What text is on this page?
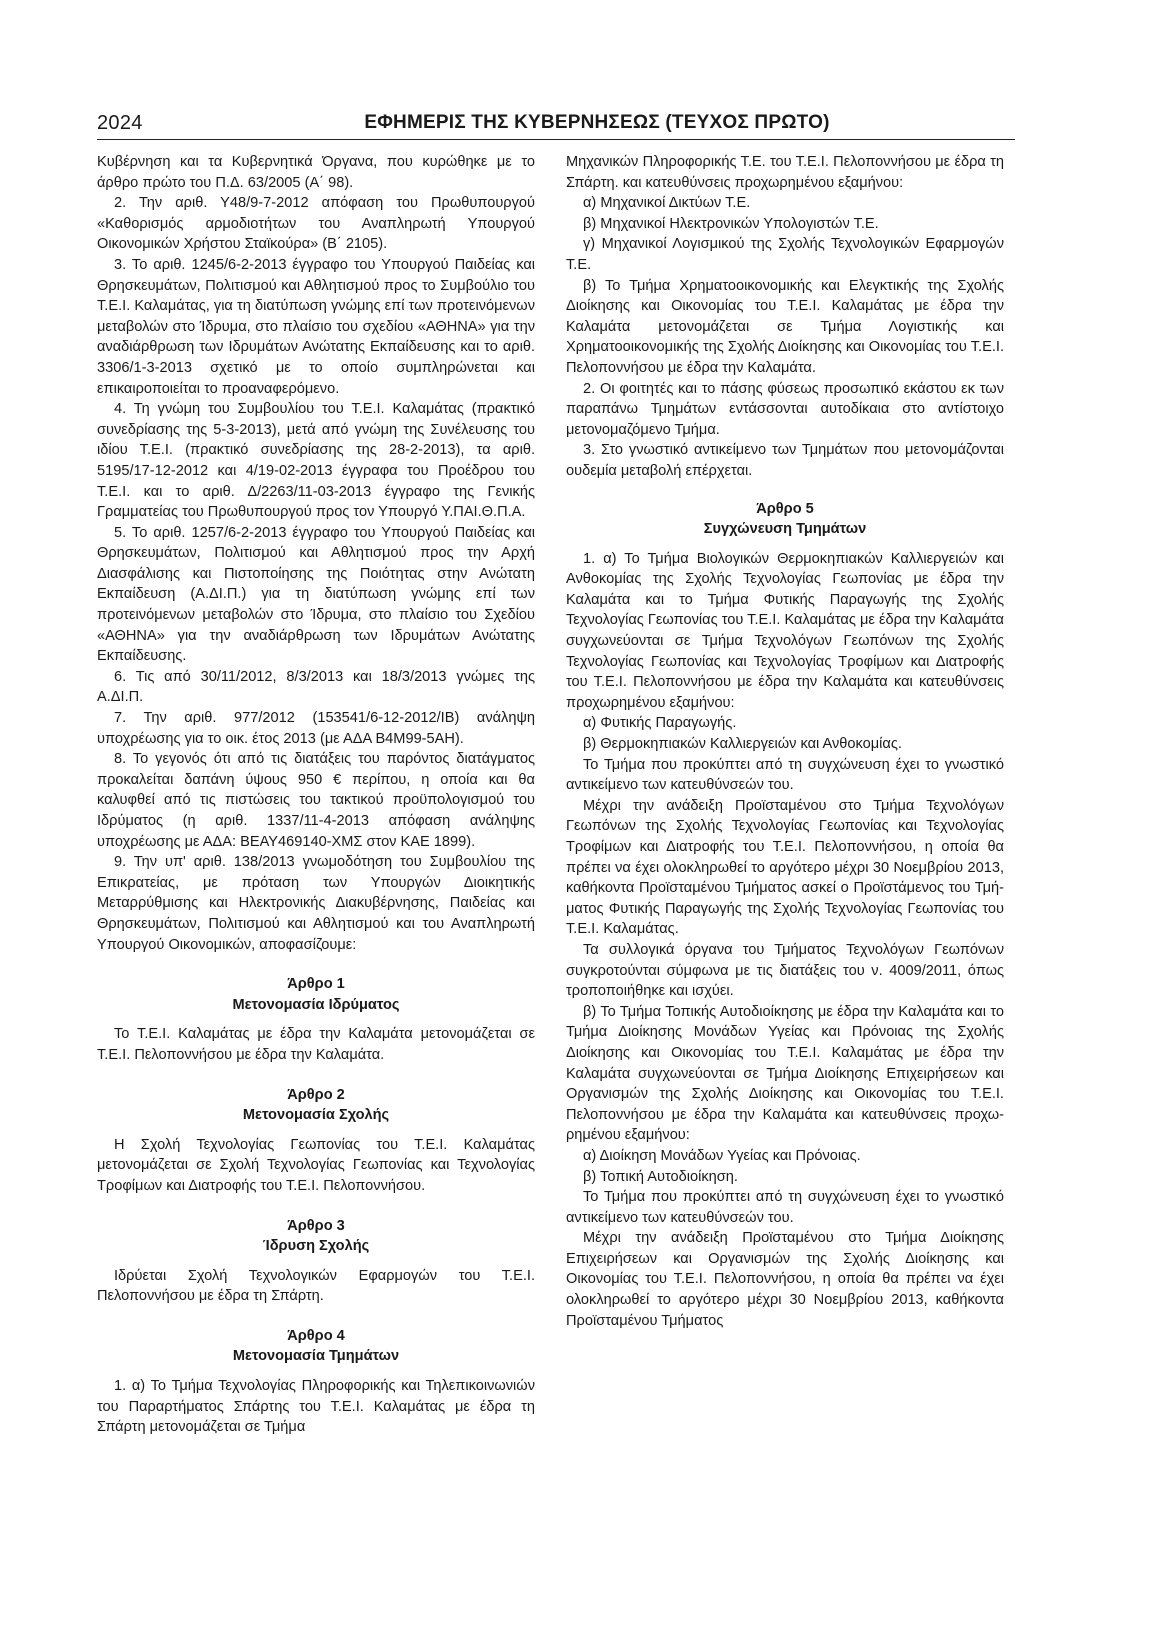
2024	ΕΦΗΜΕΡΙΣ ΤΗΣ ΚΥΒΕΡΝΗΣΕΩΣ (ΤΕΥΧΟΣ ΠΡΩΤΟ)

Κυβέρνηση και τα Κυβερνητικά Όργανα, που κυρώθηκε με το άρθρο πρώτο του Π.Δ. 63/2005 (Α΄ 98).

2. Την αριθ. Υ48/9-7-2012 απόφαση του Πρωθυπουργού «Καθορισμός αρμοδιοτήτων του Αναπληρωτή Υπουργού Οικονομικών Χρήστου Σταϊκούρα» (Β΄ 2105).

3. Το αριθ. 1245/6-2-2013 έγγραφο του Υπουργού Παιδείας και Θρησκευμάτων, Πολιτισμού και Αθλητισμού προς το Συμβούλιο του Τ.Ε.Ι. Καλαμάτας, για τη διατύπωση γνώμης επί των προτεινόμενων μεταβολών στο Ίδρυμα, στο πλαίσιο του σχεδίου «ΑΘΗΝΑ» για την αναδιάρθρωση των Ιδρυμάτων Ανώτατης Εκπαίδευσης και το αριθ. 3306/1-3-2013 σχετικό με το οποίο συμπληρώνεται και επικαιροποιείται το προαναφερόμενο.

4. Τη γνώμη του Συμβουλίου του Τ.Ε.Ι. Καλαμάτας (πρακτικό συνεδρίασης της 5-3-2013), μετά από γνώμη της Συνέλευσης του ιδίου Τ.Ε.Ι. (πρακτικό συνεδρίασης της 28-2-2013), τα αριθ. 5195/17-12-2012 και 4/19-02-2013 έγγραφα του Προέδρου του Τ.Ε.Ι. και το αριθ. Δ/2263/11-03-2013 έγγραφο της Γενικής Γραμματείας του Πρωθυπουργού προς τον Υπουργό Υ.ΠΑΙ.Θ.Π.Α.

5. Το αριθ. 1257/6-2-2013 έγγραφο του Υπουργού Παιδείας και Θρησκευμάτων, Πολιτισμού και Αθλητισμού προς την Αρχή Διασφάλισης και Πιστοποίησης της Ποιότητας στην Ανώτατη Εκπαίδευση (Α.ΔΙ.Π.) για τη διατύπωση γνώμης επί των προτεινόμενων μεταβολών στο Ίδρυμα, στο πλαίσιο του Σχεδίου «ΑΘΗΝΑ» για την αναδιάρθρωση των Ιδρυμάτων Ανώτατης Εκπαίδευσης.

6. Τις από 30/11/2012, 8/3/2013 και 18/3/2013 γνώμες της Α.ΔΙ.Π.

7. Την αριθ. 977/2012 (153541/6-12-2012/ΙΒ) ανάληψη υποχρέωσης για το οικ. έτος 2013 (με ΑΔΑ Β4Μ99-5ΑΗ).

8. Το γεγονός ότι από τις διατάξεις του παρόντος διατάγματος προκαλείται δαπάνη ύψους 950 € περίπου, η οποία και θα καλυφθεί από τις πιστώσεις του τακτικού προϋπολογισμού του Ιδρύματος (η αριθ. 1337/11-4-2013 απόφαση ανάληψης υποχρέωσης με ΑΔΑ: ΒΕΑΥ469140-ΧΜΣ στον ΚΑΕ 1899).

9. Την υπ' αριθ. 138/2013 γνωμοδότηση του Συμβουλίου της Επικρατείας, με πρόταση των Υπουργών Διοικητικής Μεταρρύθμισης και Ηλεκτρονικής Διακυβέρνησης, Παιδείας και Θρησκευμάτων, Πολιτισμού και Αθλητισμού και του Αναπληρωτή Υπουργού Οικονομικών, αποφασίζουμε:

Άρθρο 1

Μετονομασία Ιδρύματος

Το Τ.Ε.Ι. Καλαμάτας με έδρα την Καλαμάτα μετονομάζεται σε Τ.Ε.Ι. Πελοποννήσου με έδρα την Καλαμάτα.

Άρθρο 2

Μετονομασία Σχολής

Η Σχολή Τεχνολογίας Γεωπονίας του Τ.Ε.Ι. Καλαμάτας μετονομάζεται σε Σχολή Τεχνολογίας Γεωπονίας και Τεχνολογίας Τροφίμων και Διατροφής του Τ.Ε.Ι. Πελοποννήσου.

Άρθρο 3

Ίδρυση Σχολής

Ιδρύεται Σχολή Τεχνολογικών Εφαρμογών του Τ.Ε.Ι. Πελοποννήσου με έδρα τη Σπάρτη.

Άρθρο 4

Μετονομασία Τμημάτων

1. α) Το Τμήμα Τεχνολογίας Πληροφορικής και Τηλεπικοινωνιών του Παραρτήματος Σπάρτης του Τ.Ε.Ι. Καλαμάτας με έδρα τη Σπάρτη μετονομάζεται σε Τμήμα

Μηχανικών Πληροφορικής Τ.Ε. του Τ.Ε.Ι. Πελοποννήσου με έδρα τη Σπάρτη. και κατευθύνσεις προχωρημένου εξαμήνου:

α) Μηχανικοί Δικτύων Τ.Ε.

β) Μηχανικοί Ηλεκτρονικών Υπολογιστών Τ.Ε.

γ) Μηχανικοί Λογισμικού της Σχολής Τεχνολογικών Εφαρμογών Τ.Ε.

β) Το Τμήμα Χρηματοοικονομικής και Ελεγκτικής της Σχολής Διοίκησης και Οικονομίας του Τ.Ε.Ι. Καλαμάτας με έδρα την Καλαμάτα μετονομάζεται σε Τμήμα Λογιστικής και Χρηματοοικονομικής της Σχολής Διοίκησης και Οικονομίας του Τ.Ε.Ι. Πελοποννήσου με έδρα την Καλαμάτα.

2. Οι φοιτητές και το πάσης φύσεως προσωπικό εκάστου εκ των παραπάνω Τμημάτων εντάσσονται αυτοδίκαια στο αντίστοιχο μετονομαζόμενο Τμήμα.

3. Στο γνωστικό αντικείμενο των Τμημάτων που μετονομάζονται ουδεμία μεταβολή επέρχεται.

Άρθρο 5

Συγχώνευση Τμημάτων

1. α) Το Τμήμα Βιολογικών Θερμοκηπιακών Καλλιεργειών και Ανθοκομίας της Σχολής Τεχνολογίας Γεωπονίας με έδρα την Καλαμάτα και το Τμήμα Φυτικής Παραγωγής της Σχολής Τεχνολογίας Γεωπονίας του Τ.Ε.Ι. Καλαμάτας με έδρα την Καλαμάτα συγχωνεύονται σε Τμήμα Τεχνολόγων Γεωπόνων της Σχολής Τεχνολογίας Γεωπονίας και Τεχνολογίας Τροφίμων και Διατροφής του Τ.Ε.Ι. Πελοποννήσου με έδρα την Καλαμάτα και κατευθύνσεις προχωρημένου εξαμήνου:

α) Φυτικής Παραγωγής.

β) Θερμοκηπιακών Καλλιεργειών και Ανθοκομίας.

Το Τμήμα που προκύπτει από τη συγχώνευση έχει το γνωστικό αντικείμενο των κατευθύνσεών του.

Μέχρι την ανάδειξη Προϊσταμένου στο Τμήμα Τεχνολόγων Γεωπόνων της Σχολής Τεχνολογίας Γεωπονίας και Τεχνολογίας Τροφίμων και Διατροφής του Τ.Ε.Ι. Πελοποννήσου, η οποία θα πρέπει να έχει ολοκληρωθεί το αργότερο μέχρι 30 Νοεμβρίου 2013, καθήκοντα Προϊσταμένου Τμήματος ασκεί ο Προϊστάμενος του Τμήματος Φυτικής Παραγωγής της Σχολής Τεχνολογίας Γεωπονίας του Τ.Ε.Ι. Καλαμάτας.

Τα συλλογικά όργανα του Τμήματος Τεχνολόγων Γεωπόνων συγκροτούνται σύμφωνα με τις διατάξεις του ν. 4009/2011, όπως τροποποιήθηκε και ισχύει.

β) Το Τμήμα Τοπικής Αυτοδιοίκησης με έδρα την Καλαμάτα και το Τμήμα Διοίκησης Μονάδων Υγείας και Πρόνοιας της Σχολής Διοίκησης και Οικονομίας του Τ.Ε.Ι. Καλαμάτας με έδρα την Καλαμάτα συγχωνεύονται σε Τμήμα Διοίκησης Επιχειρήσεων και Οργανισμών της Σχολής Διοίκησης και Οικονομίας του Τ.Ε.Ι. Πελοποννήσου με έδρα την Καλαμάτα και κατευθύνσεις προχωρημένου εξαμήνου:

α) Διοίκηση Μονάδων Υγείας και Πρόνοιας.

β) Τοπική Αυτοδιοίκηση.

Το Τμήμα που προκύπτει από τη συγχώνευση έχει το γνωστικό αντικείμενο των κατευθύνσεών του.

Μέχρι την ανάδειξη Προϊσταμένου στο Τμήμα Διοίκησης Επιχειρήσεων και Οργανισμών της Σχολής Διοίκησης και Οικονομίας του Τ.Ε.Ι. Πελοποννήσου, η οποία θα πρέπει να έχει ολοκληρωθεί το αργότερο μέχρι 30 Νοεμβρίου 2013, καθήκοντα Προϊσταμένου Τμήματος
